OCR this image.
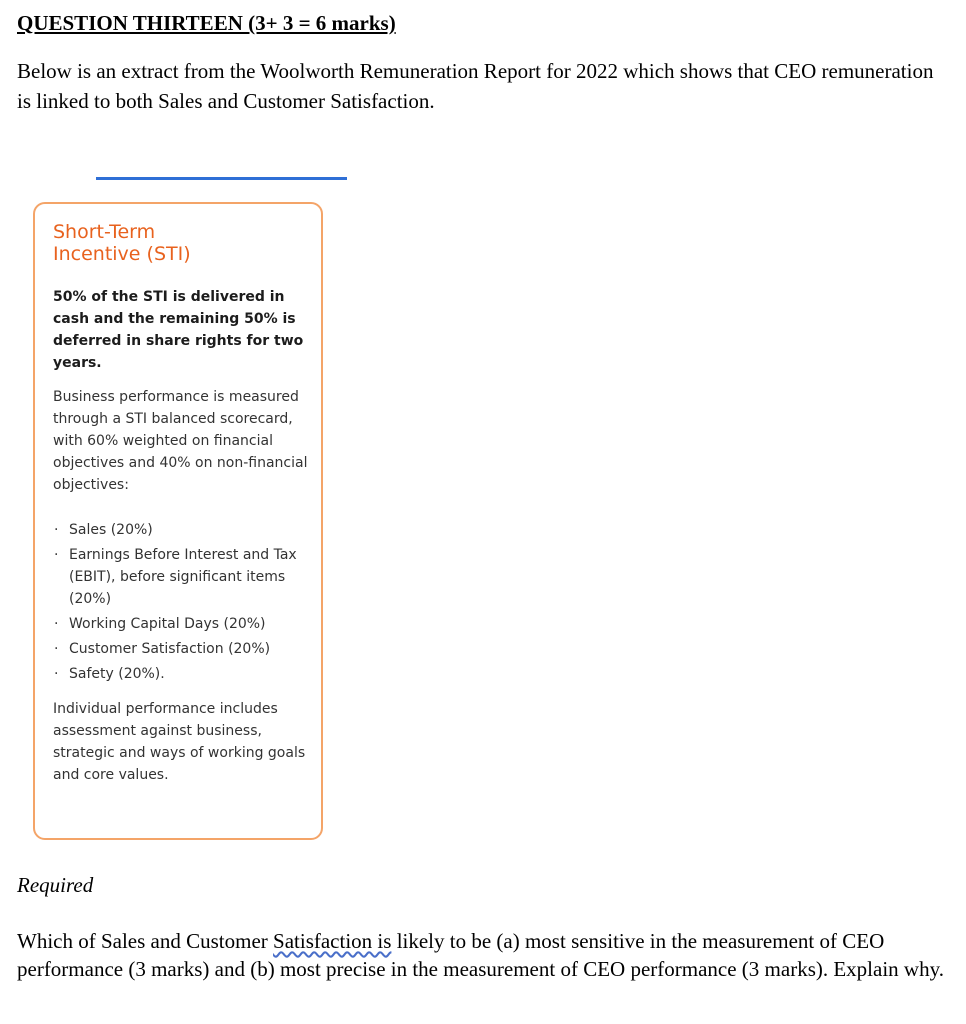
QUESTION THIRTEEN (3+ 3 = 6 marks)

Below is an extract from the Woolworth Remuneration Report for 2022 which shows that CEO remuneration is linked to both Sales and Customer Satisfaction.

Short-Term
Incentive (STI)

50% of the STI is delivered in cash and the remaining 50% is deferred in share rights for two years.

Business performance is measured through a STI balanced scorecard, with 60% weighted on financial objectives and 40% on non-financial objectives:

· Sales (20%)
· Earnings Before Interest and Tax (EBIT), before significant items (20%)
· Working Capital Days (20%)
· Customer Satisfaction (20%)
· Safety (20%).

Individual performance includes assessment against business, strategic and ways of working goals and core values.

Required

Which of Sales and Customer Satisfaction is likely to be (a) most sensitive in the measurement of CEO performance (3 marks) and (b) most precise in the measurement of CEO performance (3 marks). Explain why.
